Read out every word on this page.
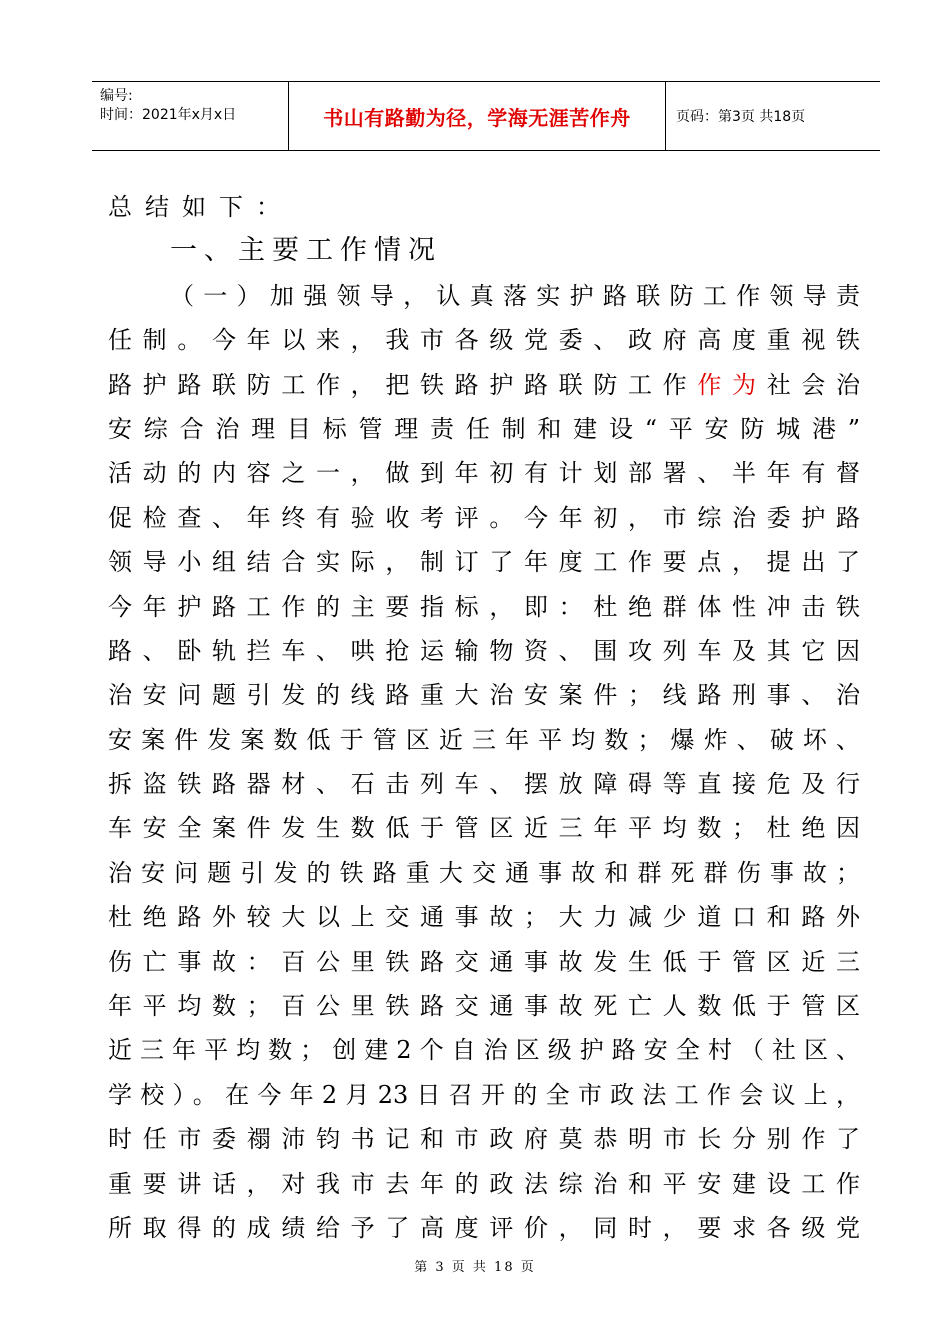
编号:
时间：2021年x月x日	书山有路勤为径，学海无涯苦作舟	页码：第3页 共18页
总结如下：
一、主要工作情况
（一）加强领导，认真落实护路联防工作领导责
任制。今年以来，我市各级党委、政府高度重视铁
路护路联防工作，把铁路护路联防工作作为社会治
安综合治理目标管理责任制和建设“平安防城港”
活动的内容之一，做到年初有计划部署、半年有督
促检查、年终有验收考评。今年初，市综治委护路
领导小组结合实际，制订了年度工作要点，提出了
今年护路工作的主要指标，即：杜绝群体性冲击铁
路、卧轨拦车、哄抢运输物资、围攻列车及其它因
治安问题引发的线路重大治安案件；线路刑事、治
安案件发案数低于管区近三年平均数；爆炸、破坏、
拆盗铁路器材、石击列车、摆放障碍等直接危及行
车安全案件发生数低于管区近三年平均数；杜绝因
治安问题引发的铁路重大交通事故和群死群伤事故；
杜绝路外较大以上交通事故；大力减少道口和路外
伤亡事故：百公里铁路交通事故发生低于管区近三
年平均数；百公里铁路交通事故死亡人数低于管区
近三年平均数；创建2个自治区级护路安全村（社区、
学校）。在今年2月23日召开的全市政法工作会议上，
时任市委禤沛钧书记和市政府莫恭明市长分别作了
重要讲话，对我市去年的政法综治和平安建设工作
所取得的成绩给予了高度评价，同时，要求各级党
第 3 页 共 18 页
